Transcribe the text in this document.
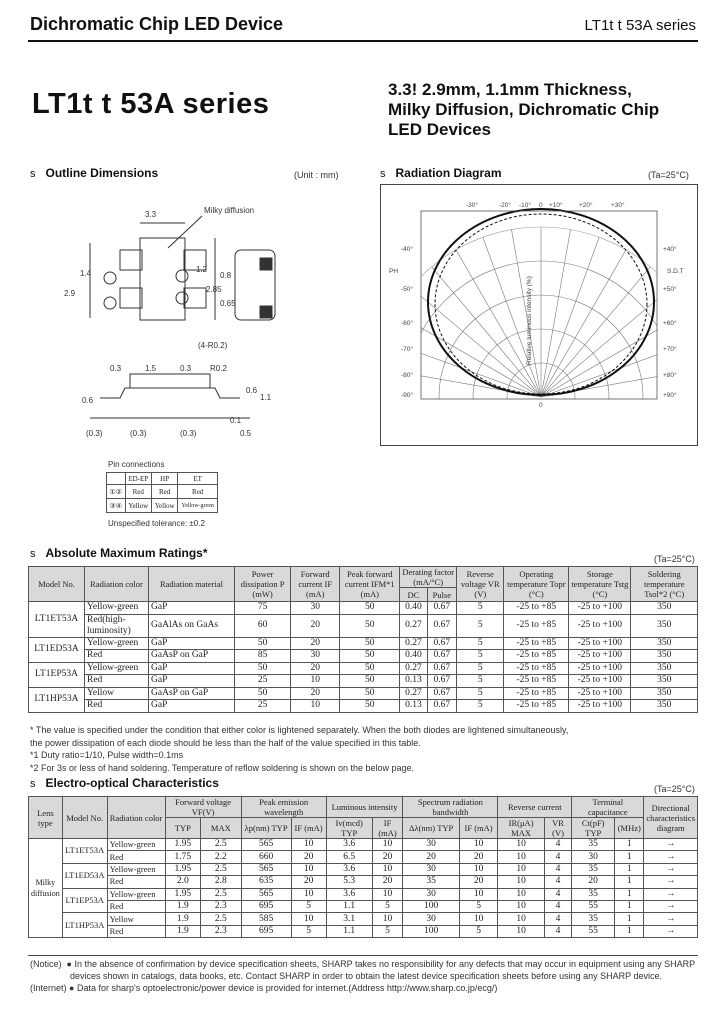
Dichromatic Chip LED Device	LT1t t 53A series
LT1t t 53A series	3.3! 2.9mm, 1.1mm Thickness,
Milky Diffusion, Dichromatic Chip
LED Devices
s Outline Dimensions	(Unit : mm)
3.3	Milky diffusion
2.9
1.4
0.65
1.2
0.8
2.85
(4-R0.2)
0.3	1.5	0.3 R0.2
(0.3)	(0.3)	(0.3)
0.6	1.1
0.1
0.5
0.6
Pin connections
	ED-EP	HP	ET
①②	Red	Red	Red
③④	Yellow	Yellow	Yellow-green
Unspecified tolerance: ±0.2
s Radiation Diagram	(Ta=25°C)
-30°	-20° -10° 0 +10°	+20°	+30°
-40°
-50°
-60°
-70°
-80°
-90°
+40°
+50°
+60°
+70°
+80°
+90°
PH	S.D.T
0
Relative luminous intensity (%)
s Absolute Maximum Ratings*	(Ta=25°C)
Model No.	Radiation color	Radiation material	Power dissipation P (mW)	Forward current IF (mA)	Peak forward current IFM*1 (mA)	Derating factor (mA/°C)		Reverse voltage VR (V)	Operating temperature Topr (°C)	Storage temperature Tstg (°C)	Soldering temperature Tsol*2 (°C)
						DC	Pulse				
LT1ET53A	Yellow-green	GaP	75	30	50	0.40	0.67	5	-25 to +85	-25 to +100	350
	Red(high-luminosity)	GaAlAs on GaAs	60	20	50	0.27	0.67	5	-25 to +85	-25 to +100	350
LT1ED53A	Yellow-green	GaP	50	20	50	0.27	0.67	5	-25 to +85	-25 to +100	350
	Red	GaAsP on GaP	85	30	50	0.40	0.67	5	-25 to +85	-25 to +100	350
LT1EP53A	Yellow-green	GaP	50	20	50	0.27	0.67	5	-25 to +85	-25 to +100	350
	Red	GaP	25	10	50	0.13	0.67	5	-25 to +85	-25 to +100	350
LT1HP53A	Yellow	GaAsP on GaP	50	20	50	0.27	0.67	5	-25 to +85	-25 to +100	350
	Red	GaP	25	10	50	0.13	0.67	5	-25 to +85	-25 to +100	350
* The value is specified under the condition that either color is lightened separately. When the both diodes are lightened simultaneously,
the power dissipation of each diode should be less than the half of the value specified in this table.
*1 Duty ratio=1/10, Pulse width=0.1ms
*2 For 3s or less of hand soldering. Temperature of reflow soldering is shown on the below page.
s Electro-optical Characteristics	(Ta=25°C)
Lens type	Model No.	Radiation color	Forward voltage VF(V)		Peak emission wavelength		Luminous intensity		Spectrum radiation bandwidth		Reverse current		Terminal capacitance		Directional characteristics diagram
			TYP	MAX	λp(nm) TYP	IF (mA)	Iv(mcd) TYP	IF (mA)	Δλ(nm) TYP	IF (mA)	IR(μA) MAX	VR (V)	Ct(pF) TYP	(MHz)	
Milky diffusion	LT1ET53A	Yellow-green	1.95	2.5	565	10	3.6	10	30	10	10	4	35	1	→
		Red	1.75	2.2	660	20	6.5	20	20	20	10	4	30	1	→
	LT1ED53A	Yellow-green	1.95	2.5	565	10	3.6	10	30	10	10	4	35	1	→
		Red	2.0	2.8	635	20	5.3	20	35	20	10	4	20	1	→
	LT1EP53A	Yellow-green	1.95	2.5	565	10	3.6	10	30	10	10	4	35	1	→
		Red	1.9	2.3	695	5	1.1	5	100	5	10	4	55	1	→
	LT1HP53A	Yellow	1.9	2.5	585	10	3.1	10	30	10	10	4	35	1	→
		Red	1.9	2.3	695	5	1.1	5	100	5	10	4	55	1	→
(Notice) ● In the absence of confirmation by device specification sheets, SHARP takes no responsibility for any defects that may occur in equipment using any SHARP
devices shown in catalogs, data books, etc. Contact SHARP in order to obtain the latest device specification sheets before using any SHARP device.
(Internet) ● Data for sharp's optoelectronic/power device is provided for internet.(Address http://www.sharp.co.jp/ecg/)
